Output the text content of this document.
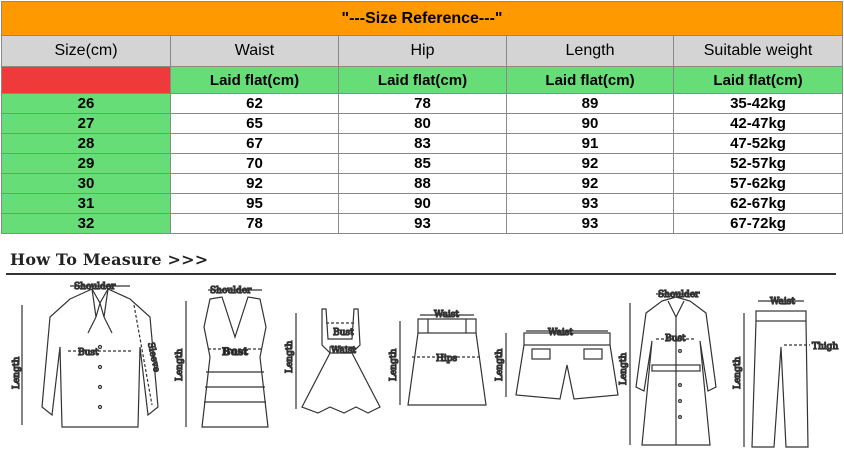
"---Size Reference---"				
Size(cm)	Waist	Hip	Length	Suitable weight
	Laid flat(cm)	Laid flat(cm)	Laid flat(cm)	Laid flat(cm)
26	62	78	89	35-42kg
27	65	80	90	42-47kg
28	67	83	91	47-52kg
29	70	85	92	52-57kg
30	92	88	92	57-62kg
31	95	90	93	62-67kg
32	78	93	93	67-72kg
How To Measure >>>
Shoulder
Bust	Sleeve
Length
Shoulder
Bust
Length
Bust
Waist
Length
Waist
Hips
Length
Waist
Length
Shoulder
Bust
Length
Waist
Thigh
Length
